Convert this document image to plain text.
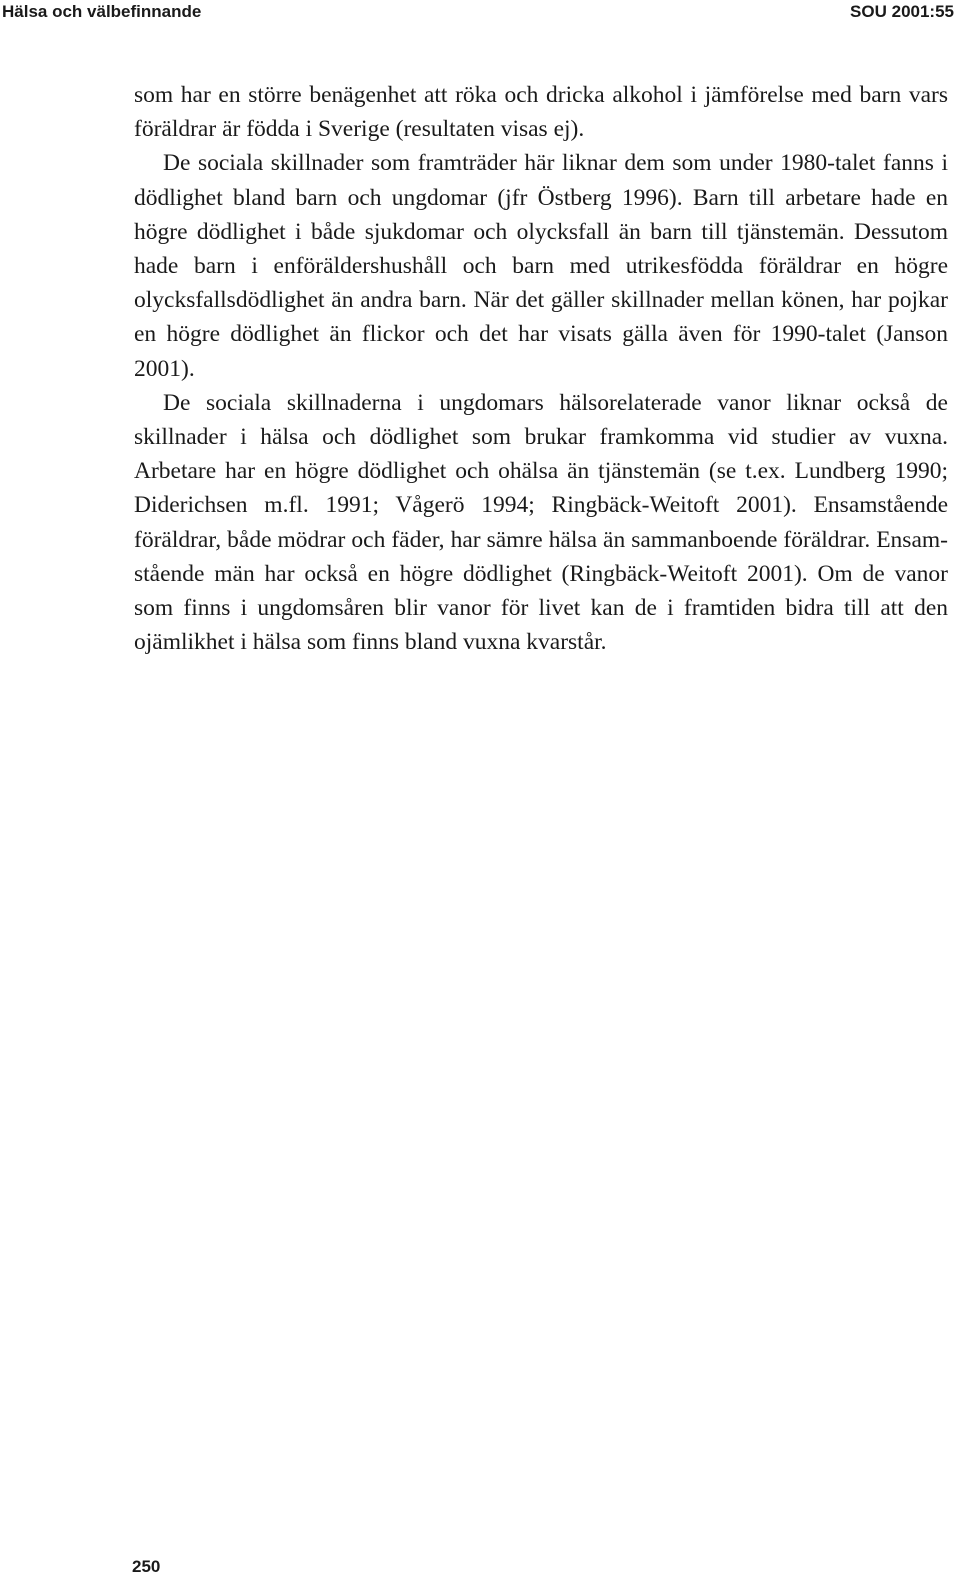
Hälsa och välbefinnande	SOU 2001:55

som har en större benägenhet att röka och dricka alkohol i jämförelse med barn vars föräldrar är födda i Sverige (resultaten visas ej).

De sociala skillnader som framträder här liknar dem som under 1980-talet fanns i dödlighet bland barn och ungdomar (jfr Östberg 1996). Barn till arbetare hade en högre dödlighet i både sjukdomar och olycksfall än barn till tjänstemän. Dessutom hade barn i enföräldershushåll och barn med utrikesfödda föräldrar en högre olycksfallsdödlighet än andra barn. När det gäller skillnader mellan könen, har pojkar en högre dödlighet än flickor och det har visats gälla även för 1990-talet (Janson 2001).

De sociala skillnaderna i ungdomars hälsorelaterade vanor liknar också de skillnader i hälsa och dödlighet som brukar framkomma vid studier av vuxna. Arbetare har en högre dödlighet och ohälsa än tjänstemän (se t.ex. Lundberg 1990; Diderichsen m.fl. 1991; Vågerö 1994; Ringbäck-Weitoft 2001). Ensamstående föräldrar, både mödrar och fäder, har sämre hälsa än sammanboende föräldrar. Ensamstående män har också en högre dödlighet (Ringbäck-Weitoft 2001). Om de vanor som finns i ungdomsåren blir vanor för livet kan de i framtiden bidra till att den ojämlikhet i hälsa som finns bland vuxna kvarstår.

250
